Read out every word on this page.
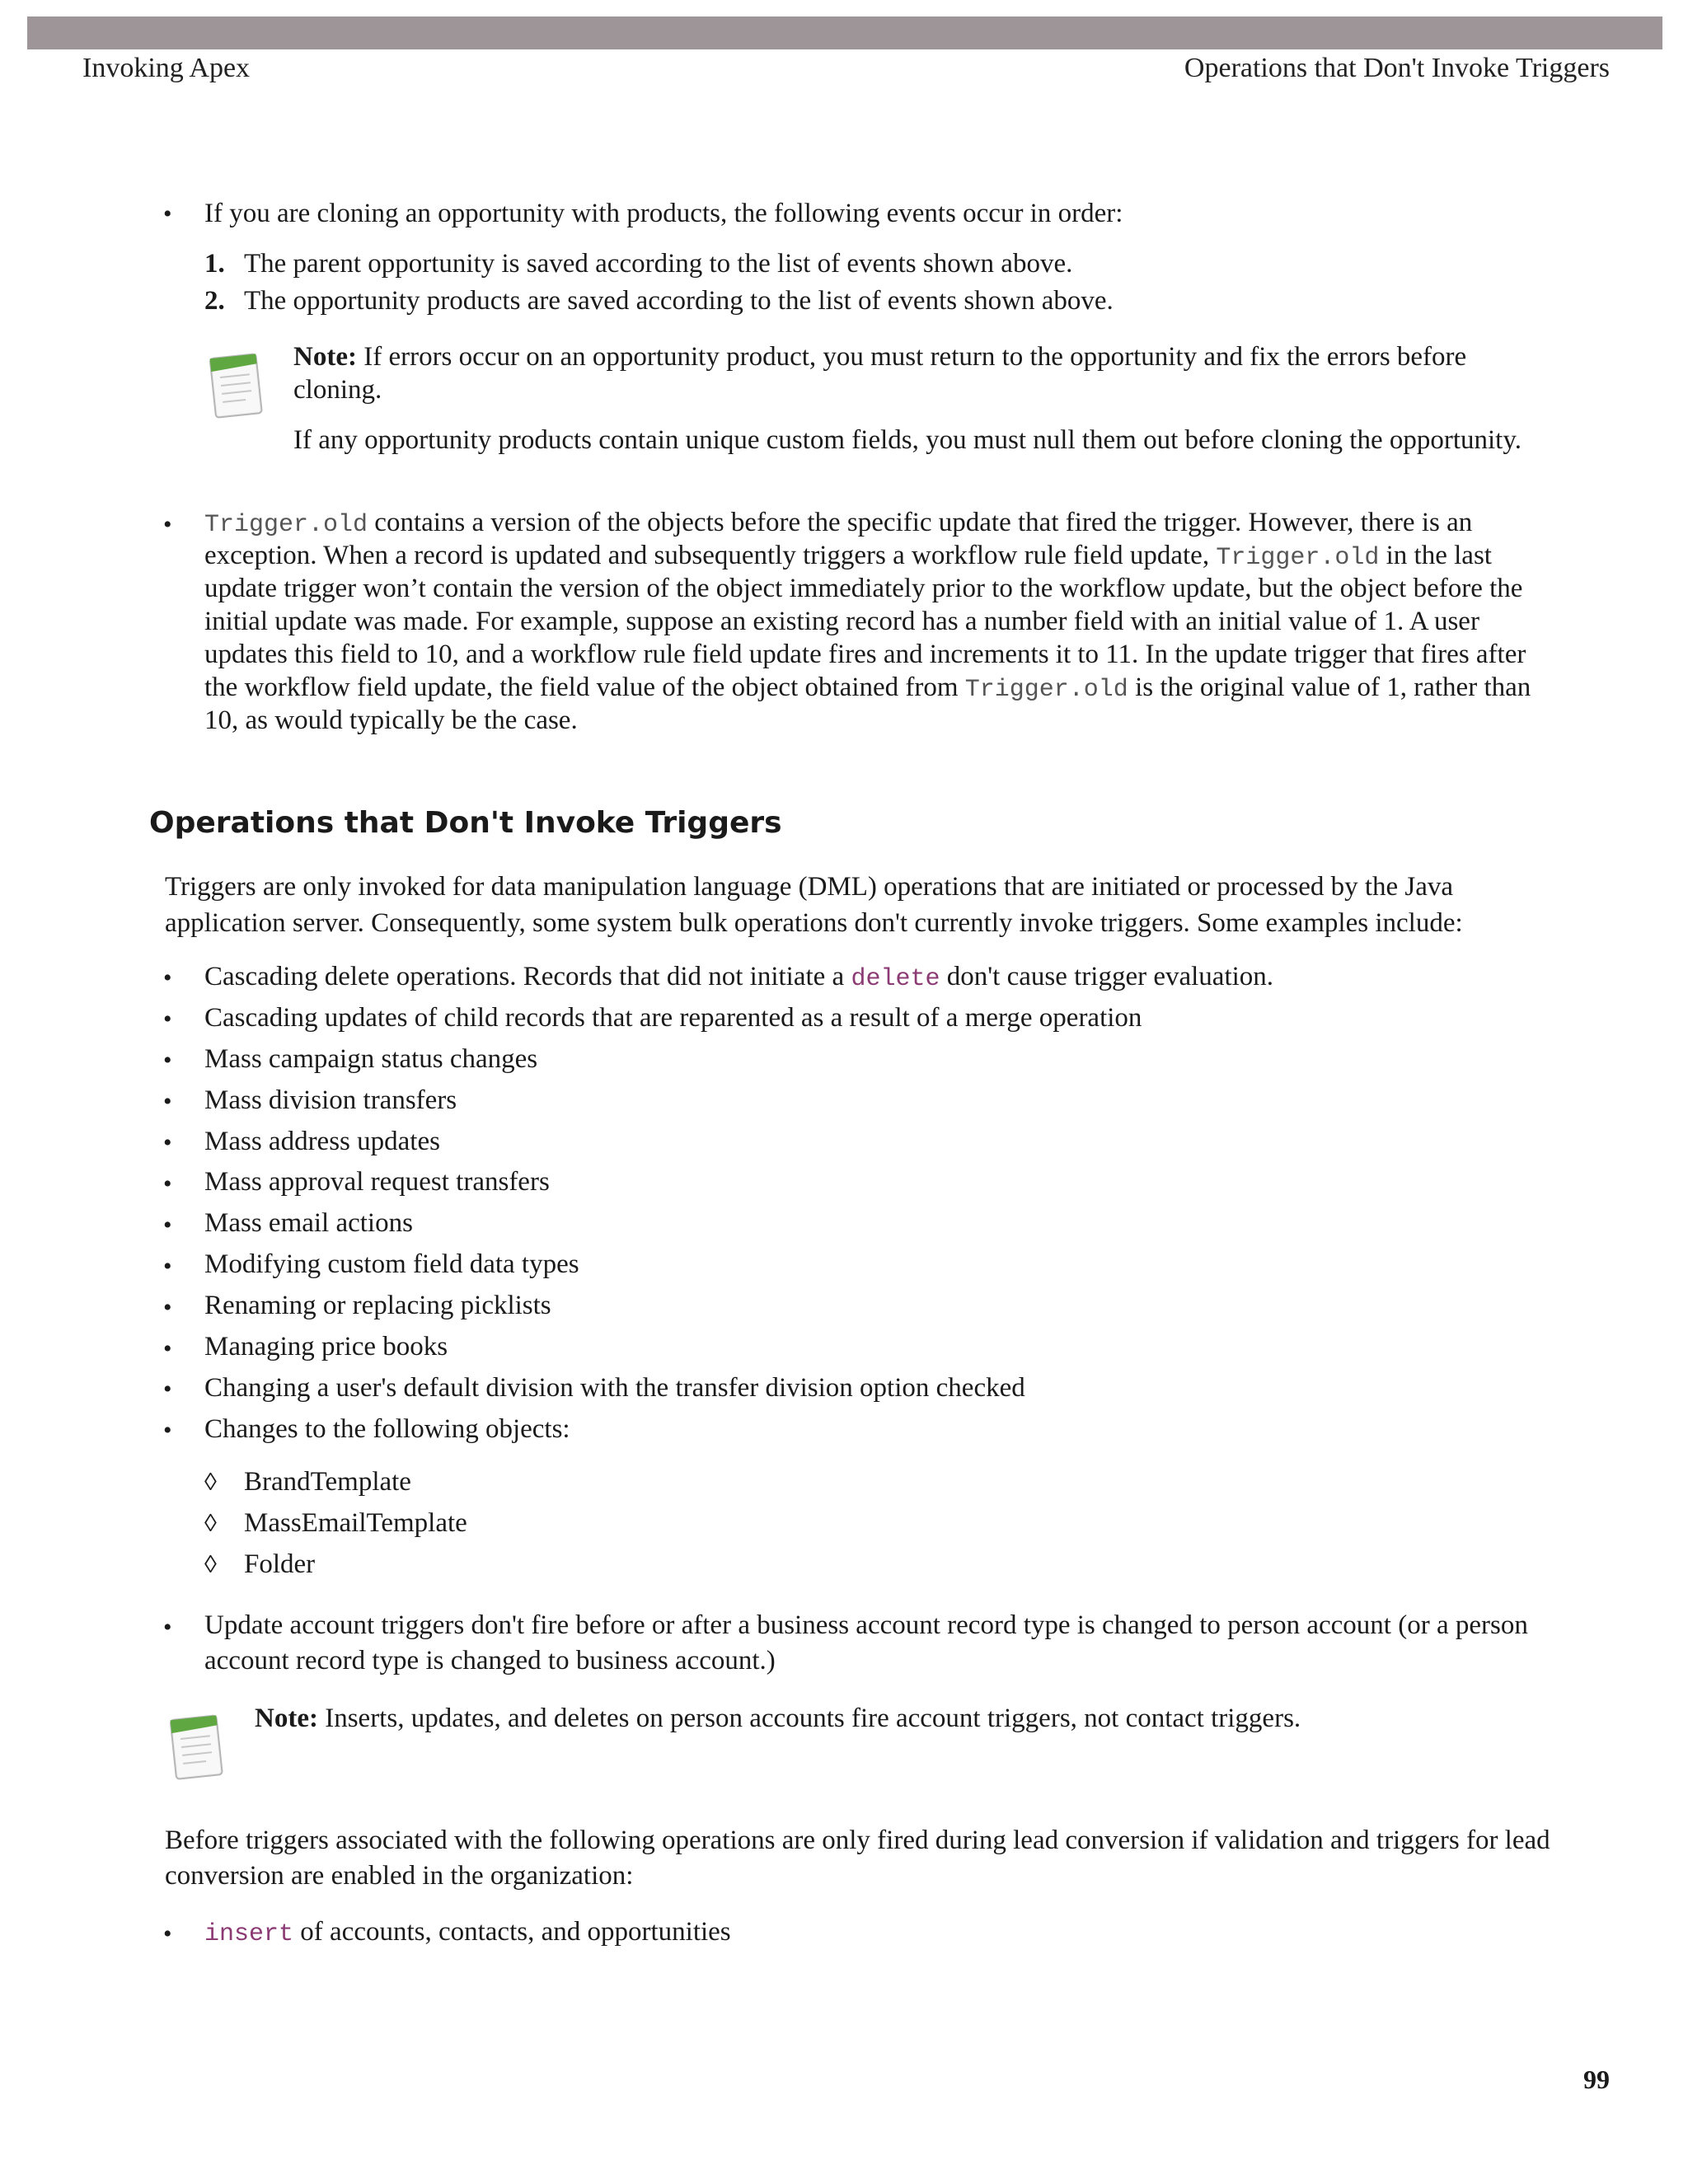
Invoking Apex	Operations that Don't Invoke Triggers
• If you are cloning an opportunity with products, the following events occur in order:
1. The parent opportunity is saved according to the list of events shown above.
2. The opportunity products are saved according to the list of events shown above.
Note: If errors occur on an opportunity product, you must return to the opportunity and fix the errors before
cloning.
If any opportunity products contain unique custom fields, you must null them out before cloning the opportunity.
• Trigger.old contains a version of the objects before the specific update that fired the trigger. However, there is an
exception. When a record is updated and subsequently triggers a workflow rule field update, Trigger.old in the last
update trigger won’t contain the version of the object immediately prior to the workflow update, but the object before the
initial update was made. For example, suppose an existing record has a number field with an initial value of 1. A user
updates this field to 10, and a workflow rule field update fires and increments it to 11. In the update trigger that fires after
the workflow field update, the field value of the object obtained from Trigger.old is the original value of 1, rather than
10, as would typically be the case.
Operations that Don't Invoke Triggers
Triggers are only invoked for data manipulation language (DML) operations that are initiated or processed by the Java
application server. Consequently, some system bulk operations don't currently invoke triggers. Some examples include:
• Cascading delete operations. Records that did not initiate a delete don't cause trigger evaluation.
• Cascading updates of child records that are reparented as a result of a merge operation
• Mass campaign status changes
• Mass division transfers
• Mass address updates
• Mass approval request transfers
• Mass email actions
• Modifying custom field data types
• Renaming or replacing picklists
• Managing price books
• Changing a user's default division with the transfer division option checked
• Changes to the following objects:
◊ BrandTemplate
◊ MassEmailTemplate
◊ Folder
• Update account triggers don't fire before or after a business account record type is changed to person account (or a person
account record type is changed to business account.)
Note: Inserts, updates, and deletes on person accounts fire account triggers, not contact triggers.
Before triggers associated with the following operations are only fired during lead conversion if validation and triggers for lead
conversion are enabled in the organization:
• insert of accounts, contacts, and opportunities
99
